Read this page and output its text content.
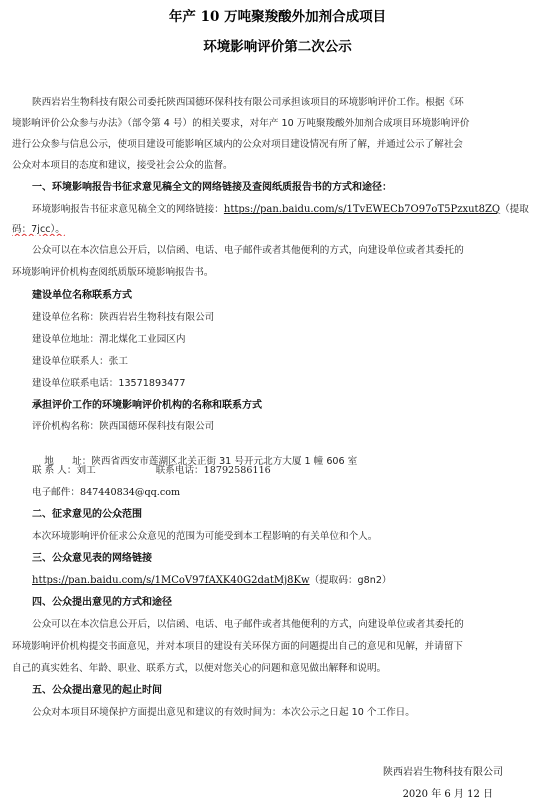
年产 10 万吨聚羧酸外加剂合成项目
环境影响评价第二次公示
陕西岩岩生物科技有限公司委托陕西国德环保科技有限公司承担该项目的环境影响评价工作。根据《环
境影响评价公众参与办法》（部令第 4 号）的相关要求，对年产 10 万吨聚羧酸外加剂合成项目环境影响评价
进行公众参与信息公示，使项目建设可能影响区域内的公众对项目建设情况有所了解，并通过公示了解社会
公众对本项目的态度和建议，接受社会公众的监督。
一、环境影响报告书征求意见稿全文的网络链接及查阅纸质报告书的方式和途径：
环境影响报告书征求意见稿全文的网络链接：https://pan.baidu.com/s/1TvEWECb7O97oT5Pzxut8ZQ（提取
码：7jcc）。
公众可以在本次信息公开后，以信函、电话、电子邮件或者其他便利的方式，向建设单位或者其委托的
环境影响评价机构查阅纸质版环境影响报告书。
建设单位名称联系方式
建设单位名称：陕西岩岩生物科技有限公司
建设单位地址：渭北煤化工业园区内
建设单位联系人：张工
建设单位联系电话：13571893477
承担评价工作的环境影响评价机构的名称和联系方式
评价机构名称：陕西国德环保科技有限公司

地      址：陕西省西安市莲湖区北关正街 31 号开元北方大厦 1 幢 606 室

联 系 人：刘工	联系电话：18792586116
电子邮件：847440834@qq.com
二、征求意见的公众范围
本次环境影响评价征求公众意见的范围为可能受到本工程影响的有关单位和个人。
三、公众意见表的网络链接
https://pan.baidu.com/s/1MCoV97fAXK40G2datMj8Kw（提取码：g8n2）
四、公众提出意见的方式和途径
公众可以在本次信息公开后，以信函、电话、电子邮件或者其他便利的方式，向建设单位或者其委托的
环境影响评价机构提交书面意见，并对本项目的建设有关环保方面的问题提出自己的意见和见解，并请留下
自己的真实姓名、年龄、职业、联系方式，以便对您关心的问题和意见做出解释和说明。
五、公众提出意见的起止时间
公众对本项目环境保护方面提出意见和建议的有效时间为：本次公示之日起 10 个工作日。
陕西岩岩生物科技有限公司
2020 年 6 月 12 日
